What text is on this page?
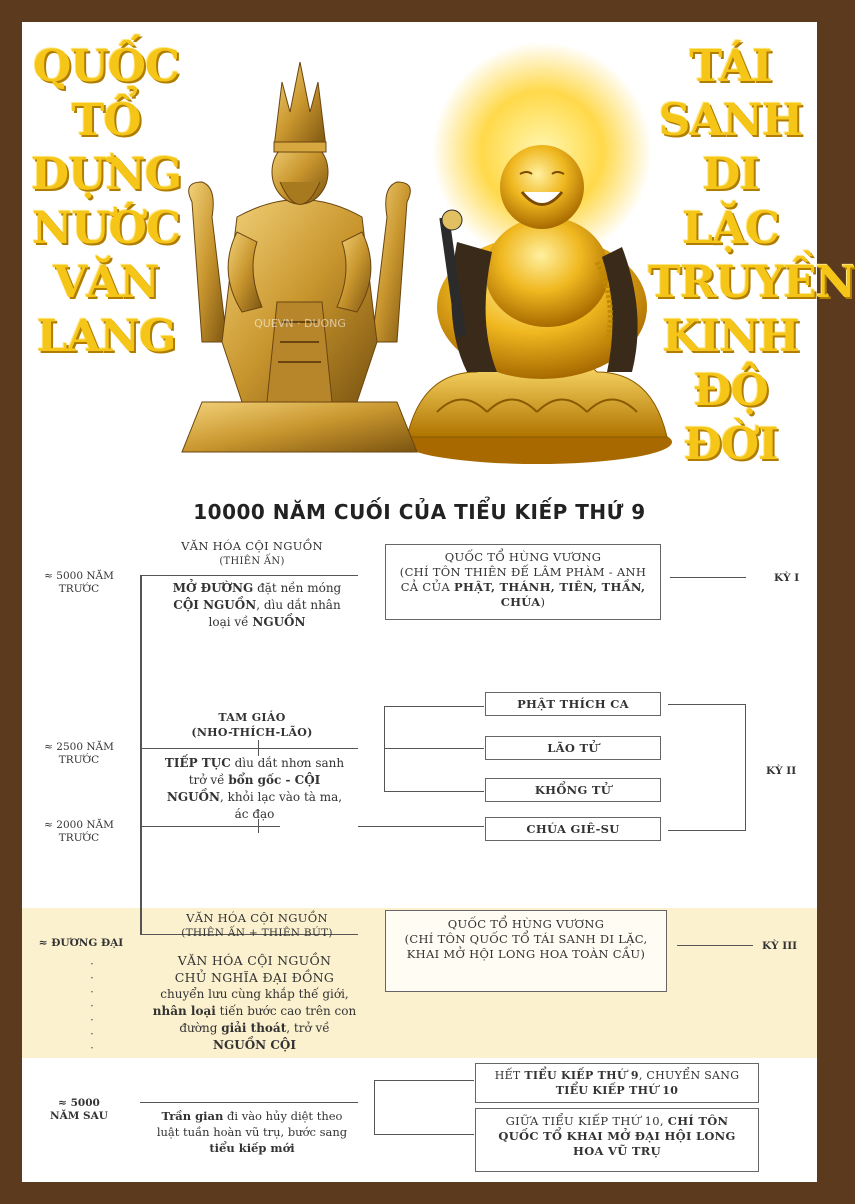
QUỐC
TỔ
DỰNG
NƯỚC
VĂN
LANG
TÁI
SANH
DI LẶC
TRUYỀN
KINH
ĐỘ ĐỜI
QUEVN · DUONG
10000 NĂM CUỐI CỦA TIỂU KIẾP THỨ 9
≈ 5000 NĂM TRƯỚC
≈ 2500 NĂM TRƯỚC
≈ 2000 NĂM TRƯỚC
≈ ĐƯƠNG ĐẠI
≈ 5000 NĂM SAU
·
·
·
·
·
·
·
VĂN HÓA CỘI NGUỒN
(THIÊN ẤN)
MỞ ĐƯỜNG đặt nền móng CỘI NGUỒN, dìu dắt nhân loại về NGUỒN
QUỐC TỔ HÙNG VƯƠNG
(CHÍ TÔN THIÊN ĐẾ LÂM PHÀM - ANH CẢ CỦA PHẬT, THÁNH, TIÊN, THẦN, CHÚA)
KỲ I
TAM GIÁO
(NHO-THÍCH-LÃO)
TIẾP TỤC dìu dắt nhơn sanh trở về bổn gốc - CỘI NGUỒN, khỏi lạc vào tà ma, ác đạo
PHẬT THÍCH CA
LÃO TỬ
KHỔNG TỬ
CHÚA GIÊ-SU
KỲ II
VĂN HÓA CỘI NGUỒN
(THIÊN ẤN + THIÊN BÚT)
VĂN HÓA CỘI NGUỒN
CHỦ NGHĨA ĐẠI ĐỒNG
chuyển lưu cùng khắp thế giới, nhân loại tiến bước cao trên con đường giải thoát, trở về NGUỒN CỘI
QUỐC TỔ HÙNG VƯƠNG
(CHÍ TÔN QUỐC TỔ TÁI SANH DI LẶC, KHAI MỞ HỘI LONG HOA TOÀN CẦU)
KỲ III
Trần gian đi vào hủy diệt theo luật tuần hoàn vũ trụ, bước sang tiểu kiếp mới
HẾT TIỂU KIẾP THỨ 9, CHUYỂN SANG TIỂU KIẾP THỨ 10
GIỮA TIỂU KIẾP THỨ 10, CHÍ TÔN QUỐC TỔ KHAI MỞ ĐẠI HỘI LONG HOA VŨ TRỤ
